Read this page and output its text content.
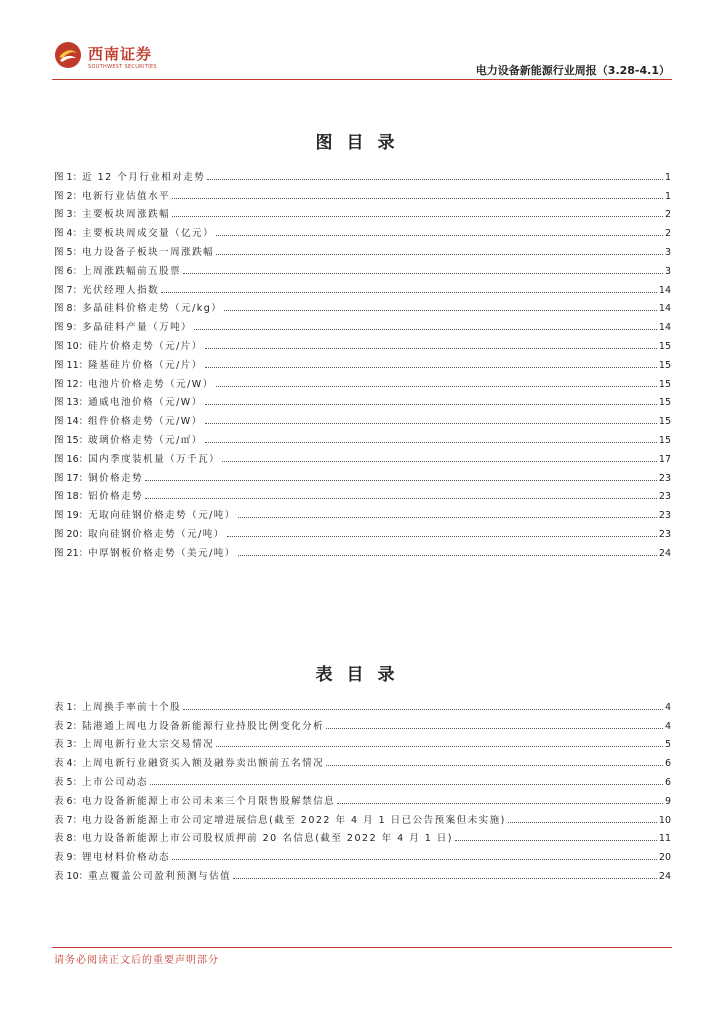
西南证券
SOUTHWEST SECURITIES	电力设备新能源行业周报（3.28-4.1）
图目录
图 1：近 12 个月行业相对走势	1
图 2：电新行业估值水平	1
图 3：主要板块周涨跌幅	2
图 4：主要板块周成交量（亿元）	2
图 5：电力设备子板块一周涨跌幅	3
图 6：上周涨跌幅前五股票	3
图 7：光伏经理人指数	14
图 8：多晶硅料价格走势（元/kg）	14
图 9：多晶硅料产量（万吨）	14
图 10：硅片价格走势（元/片）	15
图 11：隆基硅片价格（元/片）	15
图 12：电池片价格走势（元/W）	15
图 13：通威电池价格（元/W）	15
图 14：组件价格走势（元/W）	15
图 15：玻璃价格走势（元/㎡）	15
图 16：国内季度装机量（万千瓦）	17
图 17：铜价格走势	23
图 18：铝价格走势	23
图 19：无取向硅钢价格走势（元/吨）	23
图 20：取向硅钢价格走势（元/吨）	23
图 21：中厚钢板价格走势（美元/吨）	24
表目录
表 1：上周换手率前十个股	4
表 2：陆港通上周电力设备新能源行业持股比例变化分析	4
表 3：上周电新行业大宗交易情况	5
表 4：上周电新行业融资买入额及融券卖出额前五名情况	6
表 5：上市公司动态	6
表 6：电力设备新能源上市公司未来三个月限售股解禁信息	9
表 7：电力设备新能源上市公司定增进展信息(截至 2022 年 4 月 1 日已公告预案但未实施)	10
表 8：电力设备新能源上市公司股权质押前 20 名信息(截至 2022 年 4 月 1 日)	11
表 9：锂电材料价格动态	20
表 10：重点覆盖公司盈利预测与估值	24
请务必阅读正文后的重要声明部分
